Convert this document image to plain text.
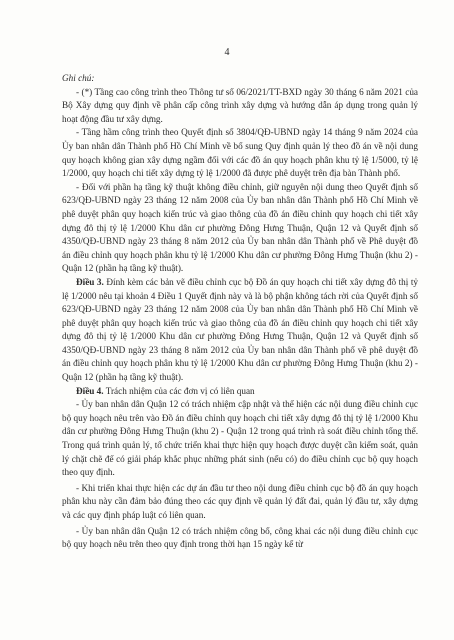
4

Ghi chú:

- (*) Tầng cao công trình theo Thông tư số 06/2021/TT-BXD ngày 30 tháng 6 năm 2021 của Bộ Xây dựng quy định về phân cấp công trình xây dựng và hướng dẫn áp dụng trong quản lý hoạt động đầu tư xây dựng.

- Tầng hầm công trình theo Quyết định số 3804/QĐ-UBND ngày 14 tháng 9 năm 2024 của Ủy ban nhân dân Thành phố Hồ Chí Minh về bổ sung Quy định quản lý theo đồ án về nội dung quy hoạch không gian xây dựng ngầm đối với các đồ án quy hoạch phân khu tỷ lệ 1/5000, tỷ lệ 1/2000, quy hoạch chi tiết xây dựng tỷ lệ 1/2000 đã được phê duyệt trên địa bàn Thành phố.

- Đối với phần hạ tầng kỹ thuật không điều chỉnh, giữ nguyên nội dung theo Quyết định số 623/QĐ-UBND ngày 23 tháng 12 năm 2008 của Ủy ban nhân dân Thành phố Hồ Chí Minh về phê duyệt phân quy hoạch kiến trúc và giao thông của đồ án điều chỉnh quy hoạch chi tiết xây dựng đô thị tỷ lệ 1/2000 Khu dân cư phường Đông Hưng Thuận, Quận 12 và Quyết định số 4350/QĐ-UBND ngày 23 tháng 8 năm 2012 của Ủy ban nhân dân Thành phố về Phê duyệt đồ án điều chỉnh quy hoạch phân khu tỷ lệ 1/2000 Khu dân cư phường Đông Hưng Thuận (khu 2) - Quận 12 (phần hạ tầng kỹ thuật).

Điều 3. Đính kèm các bản vẽ điều chỉnh cục bộ Đồ án quy hoạch chi tiết xây dựng đô thị tỷ lệ 1/2000 nêu tại khoản 4 Điều 1 Quyết định này và là bộ phận không tách rời của Quyết định số 623/QĐ-UBND ngày 23 tháng 12 năm 2008 của Ủy ban nhân dân Thành phố Hồ Chí Minh về phê duyệt phân quy hoạch kiến trúc và giao thông của đồ án điều chỉnh quy hoạch chi tiết xây dựng đô thị tỷ lệ 1/2000 Khu dân cư phường Đông Hưng Thuận, Quận 12 và Quyết định số 4350/QĐ-UBND ngày 23 tháng 8 năm 2012 của Ủy ban nhân dân Thành phố về phê duyệt đồ án điều chỉnh quy hoạch phân khu tỷ lệ 1/2000 Khu dân cư phường Đông Hưng Thuận (khu 2) - Quận 12 (phần hạ tầng kỹ thuật).

Điều 4. Trách nhiệm của các đơn vị có liên quan

- Ủy ban nhân dân Quận 12 có trách nhiệm cập nhật và thể hiện các nội dung điều chỉnh cục bộ quy hoạch nêu trên vào Đồ án điều chỉnh quy hoạch chi tiết xây dựng đô thị tỷ lệ 1/2000 Khu dân cư phường Đông Hưng Thuận (khu 2) - Quận 12 trong quá trình rà soát điều chỉnh tổng thể. Trong quá trình quản lý, tổ chức triển khai thực hiện quy hoạch được duyệt cần kiểm soát, quản lý chặt chẽ để có giải pháp khắc phục những phát sinh (nếu có) do điều chỉnh cục bộ quy hoạch theo quy định.

- Khi triển khai thực hiện các dự án đầu tư theo nội dung điều chỉnh cục bộ đồ án quy hoạch phân khu này cần đảm bảo đúng theo các quy định về quản lý đất đai, quản lý đầu tư, xây dựng và các quy định pháp luật có liên quan.

- Ủy ban nhân dân Quận 12 có trách nhiệm công bố, công khai các nội dung điều chỉnh cục bộ quy hoạch nêu trên theo quy định trong thời hạn 15 ngày kể từ
